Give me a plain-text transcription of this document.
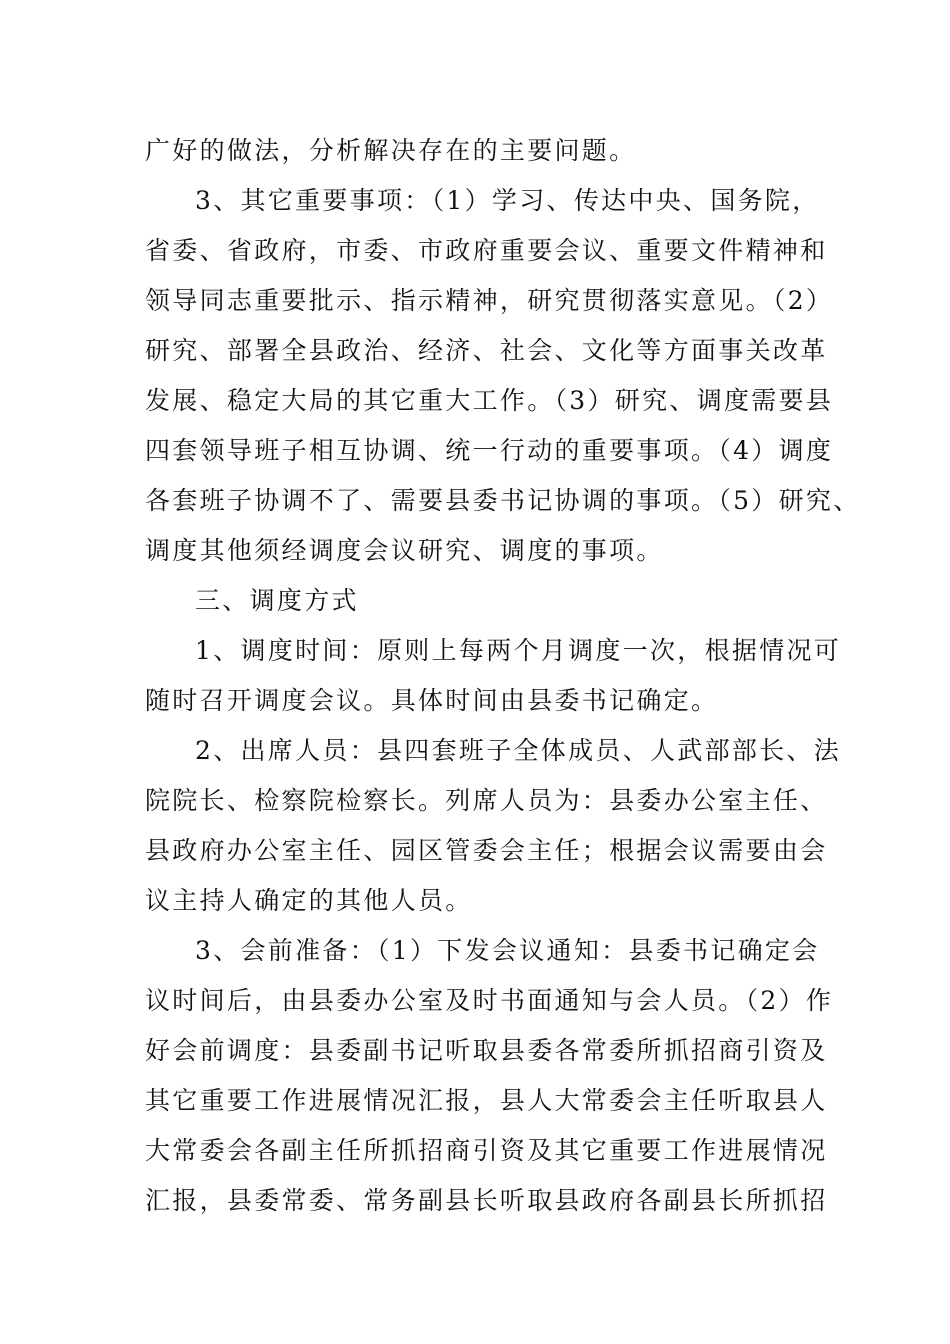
广好的做法，分析解决存在的主要问题。
3、其它重要事项：（1）学习、传达中央、国务院，
省委、省政府，市委、市政府重要会议、重要文件精神和
领导同志重要批示、指示精神，研究贯彻落实意见。（2）
研究、部署全县政治、经济、社会、文化等方面事关改革
发展、稳定大局的其它重大工作。（3）研究、调度需要县
四套领导班子相互协调、统一行动的重要事项。（4）调度
各套班子协调不了、需要县委书记协调的事项。（5）研究、
调度其他须经调度会议研究、调度的事项。
三、调度方式
1、调度时间：原则上每两个月调度一次，根据情况可
随时召开调度会议。具体时间由县委书记确定。
2、出席人员：县四套班子全体成员、人武部部长、法
院院长、检察院检察长。列席人员为：县委办公室主任、
县政府办公室主任、园区管委会主任；根据会议需要由会
议主持人确定的其他人员。
3、会前准备：（1）下发会议通知：县委书记确定会
议时间后，由县委办公室及时书面通知与会人员。（2）作
好会前调度：县委副书记听取县委各常委所抓招商引资及
其它重要工作进展情况汇报，县人大常委会主任听取县人
大常委会各副主任所抓招商引资及其它重要工作进展情况
汇报，县委常委、常务副县长听取县政府各副县长所抓招
